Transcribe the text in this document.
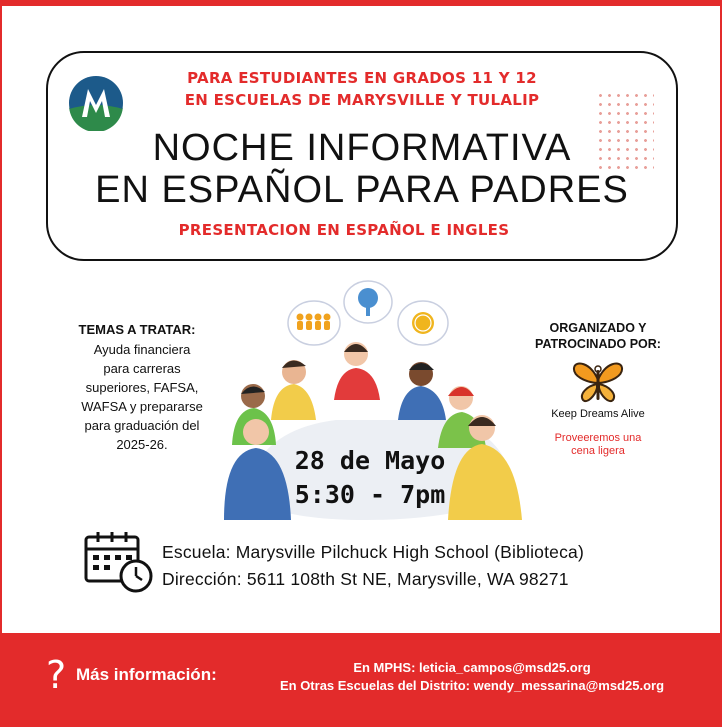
PARA ESTUDIANTES EN GRADOS 11 Y 12
EN ESCUELAS DE MARYSVILLE Y TULALIP
NOCHE INFORMATIVA
EN ESPAÑOL PARA PADRES
PRESENTACION EN ESPAÑOL E INGLES
TEMAS A TRATAR:
Ayuda financiera
para carreras
superiores, FAFSA,
WAFSA y prepararse
para graduación del
2025-26.
ORGANIZADO Y
PATROCINADO POR:
Keep Dreams Alive
Proveeremos una
cena ligera
28 de Mayo
5:30 - 7pm
Escuela: Marysville Pilchuck High School (Biblioteca)
Dirección: 5611 108th St NE, Marysville, WA 98271
? Más información:	En MPHS: leticia_campos@msd25.org
En Otras Escuelas del Distrito: wendy_messarina@msd25.org
